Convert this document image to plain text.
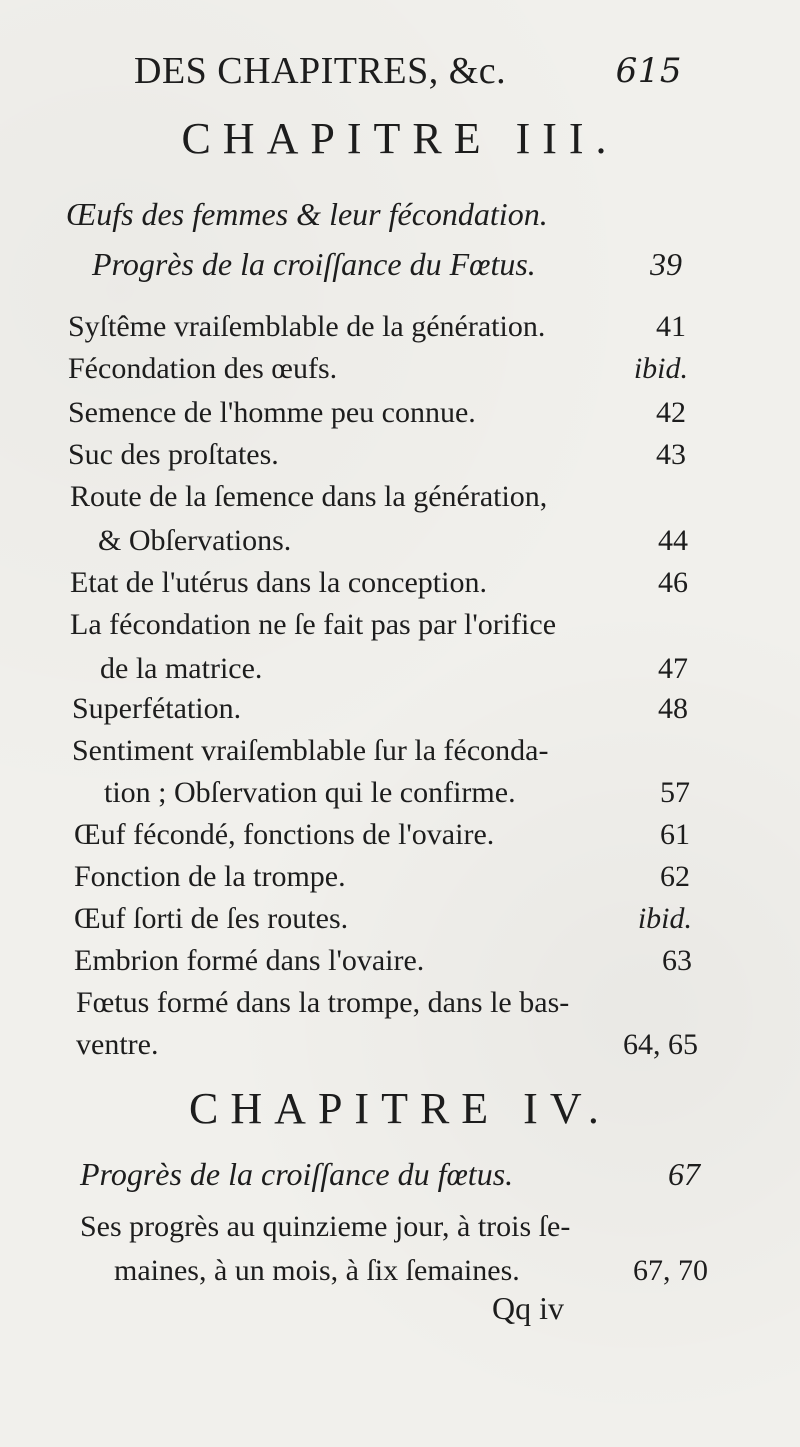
DES CHAPITRES, &c.	615
CHAPITRE III.
Œufs des femmes & leur fécondation.
Progrès de la croiſſance du Fœtus.	39
Syſtême vraiſemblable de la génération.	41
Fécondation des œufs.	ibid.
Semence de l'homme peu connue.	42
Suc des proſtates.	43
Route de la ſemence dans la génération,
& Obſervations.	44
Etat de l'utérus dans la conception.	46
La fécondation ne ſe fait pas par l'orifice
de la matrice.	47
Superfétation.	48
Sentiment vraiſemblable ſur la féconda-
tion ; Obſervation qui le confirme.	57
Œuf fécondé, fonctions de l'ovaire.	61
Fonction de la trompe.	62
Œuf ſorti de ſes routes.	ibid.
Embrion formé dans l'ovaire.	63
Fœtus formé dans la trompe, dans le bas-
ventre.	64, 65
CHAPITRE IV.
Progrès de la croiſſance du fœtus.	67
Ses progrès au quinzieme jour, à trois ſe-
maines, à un mois, à ſix ſemaines.	67, 70
Qq iv
